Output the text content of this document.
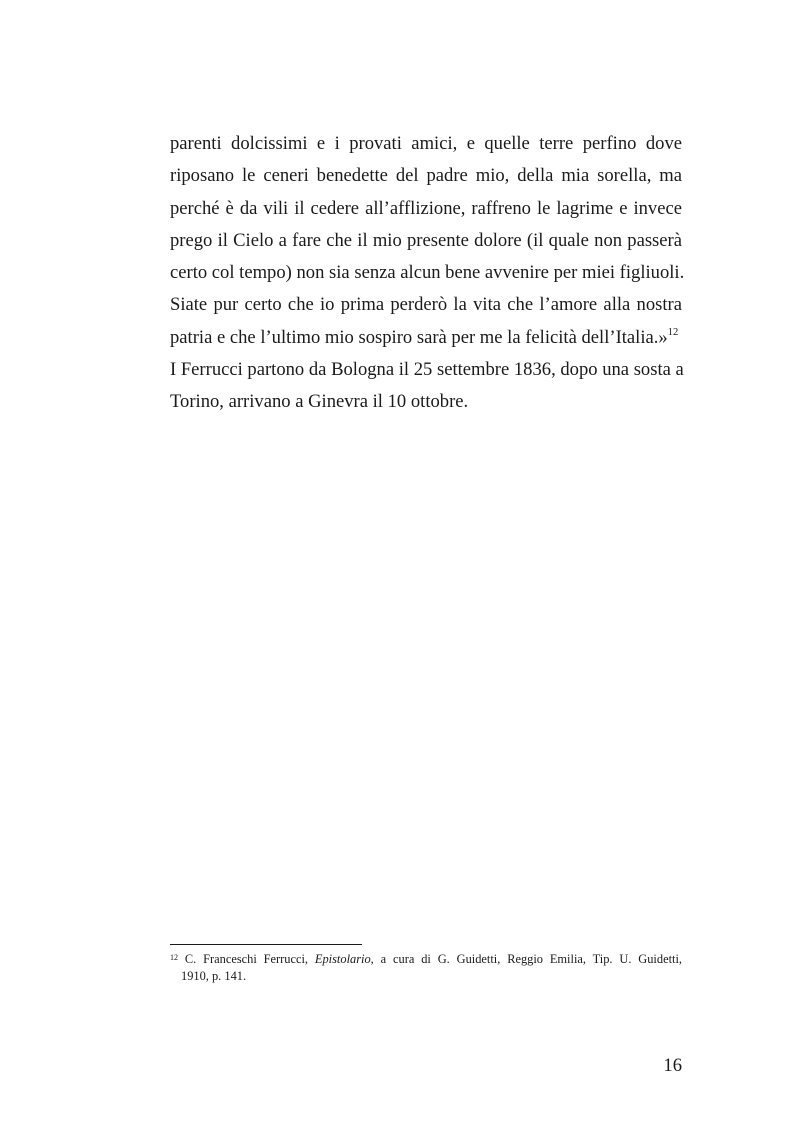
parenti dolcissimi e i provati amici, e quelle terre perfino dove
riposano le ceneri benedette del padre mio, della mia sorella, ma
perché è da vili il cedere all’afflizione, raffreno le lagrime e invece
prego il Cielo a fare che il mio presente dolore (il quale non passerà
certo col tempo) non sia senza alcun bene avvenire per miei figliuoli.
Siate pur certo che io prima perderò la vita che l’amore alla nostra
patria e che l’ultimo mio sospiro sarà per me la felicità dell’Italia.»$^{12}$
I Ferrucci partono da Bologna il 25 settembre 1836, dopo una sosta a
Torino, arrivano a Ginevra il 10 ottobre.
$^{12}$ C. Franceschi Ferrucci, Epistolario, a cura di G. Guidetti, Reggio Emilia, Tip. U. Guidetti,
1910, p. 141.
16
